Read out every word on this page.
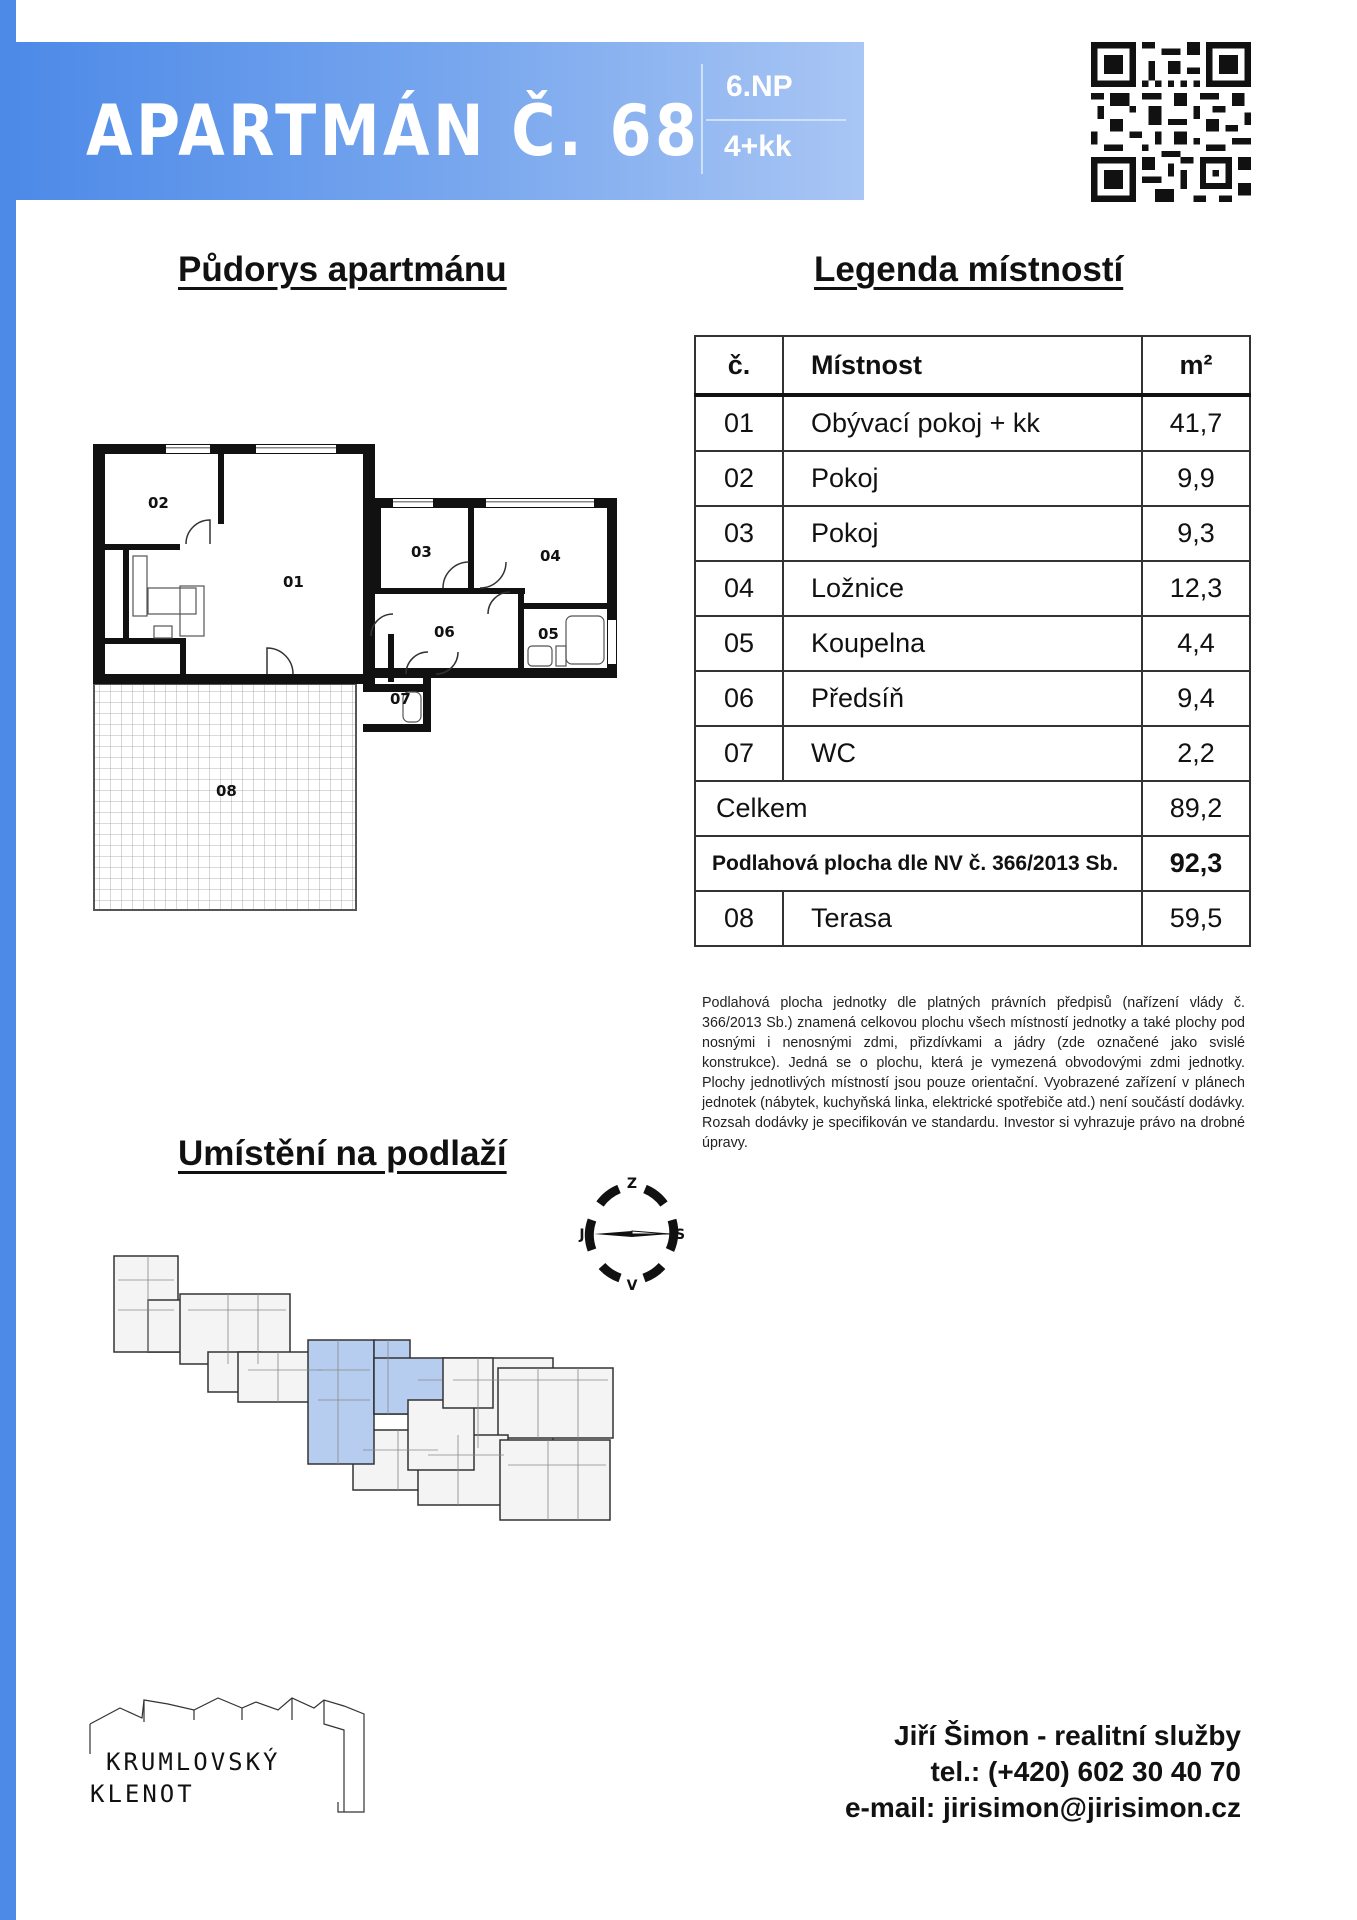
APARTMÁN Č. 68
6.NP
4+kk
Půdorys apartmánu	Legenda místností
Umístění na podlaží
01
02
03	04
05
06
07
08
č.	Místnost	m²
01	Obývací pokoj + kk	41,7
02	Pokoj	9,9
03	Pokoj	9,3
04	Ložnice	12,3
05	Koupelna	4,4
06	Předsíň	9,4
07	WC	2,2
Celkem		89,2
Podlahová plocha dle NV č. 366/2013 Sb.		92,3
08	Terasa	59,5
Podlahová plocha jednotky dle platných právních předpisů (nařízení vlády č. 366/2013 Sb.) znamená celkovou plochu všech místností jednotky a také plochy pod nosnými i nenosnými zdmi, přizdívkami a jádry (zde označené jako svislé konstrukce). Jedná se o plochu, která je vymezená obvodovými zdmi jednotky. Plochy jednotlivých místností jsou pouze orientační. Vyobrazené zařízení v plánech jednotek (nábytek, kuchyňská linka, elektrické spotřebiče atd.) není součástí dodávky. Rozsah dodávky je specifikován ve standardu. Investor si vyhrazuje právo na drobné úpravy.
Z
S
V
J
KRUMLOVSKÝ
KLENOT
Jiří Šimon - realitní služby
tel.: (+420) 602 30 40 70
e-mail: jirisimon@jirisimon.cz
